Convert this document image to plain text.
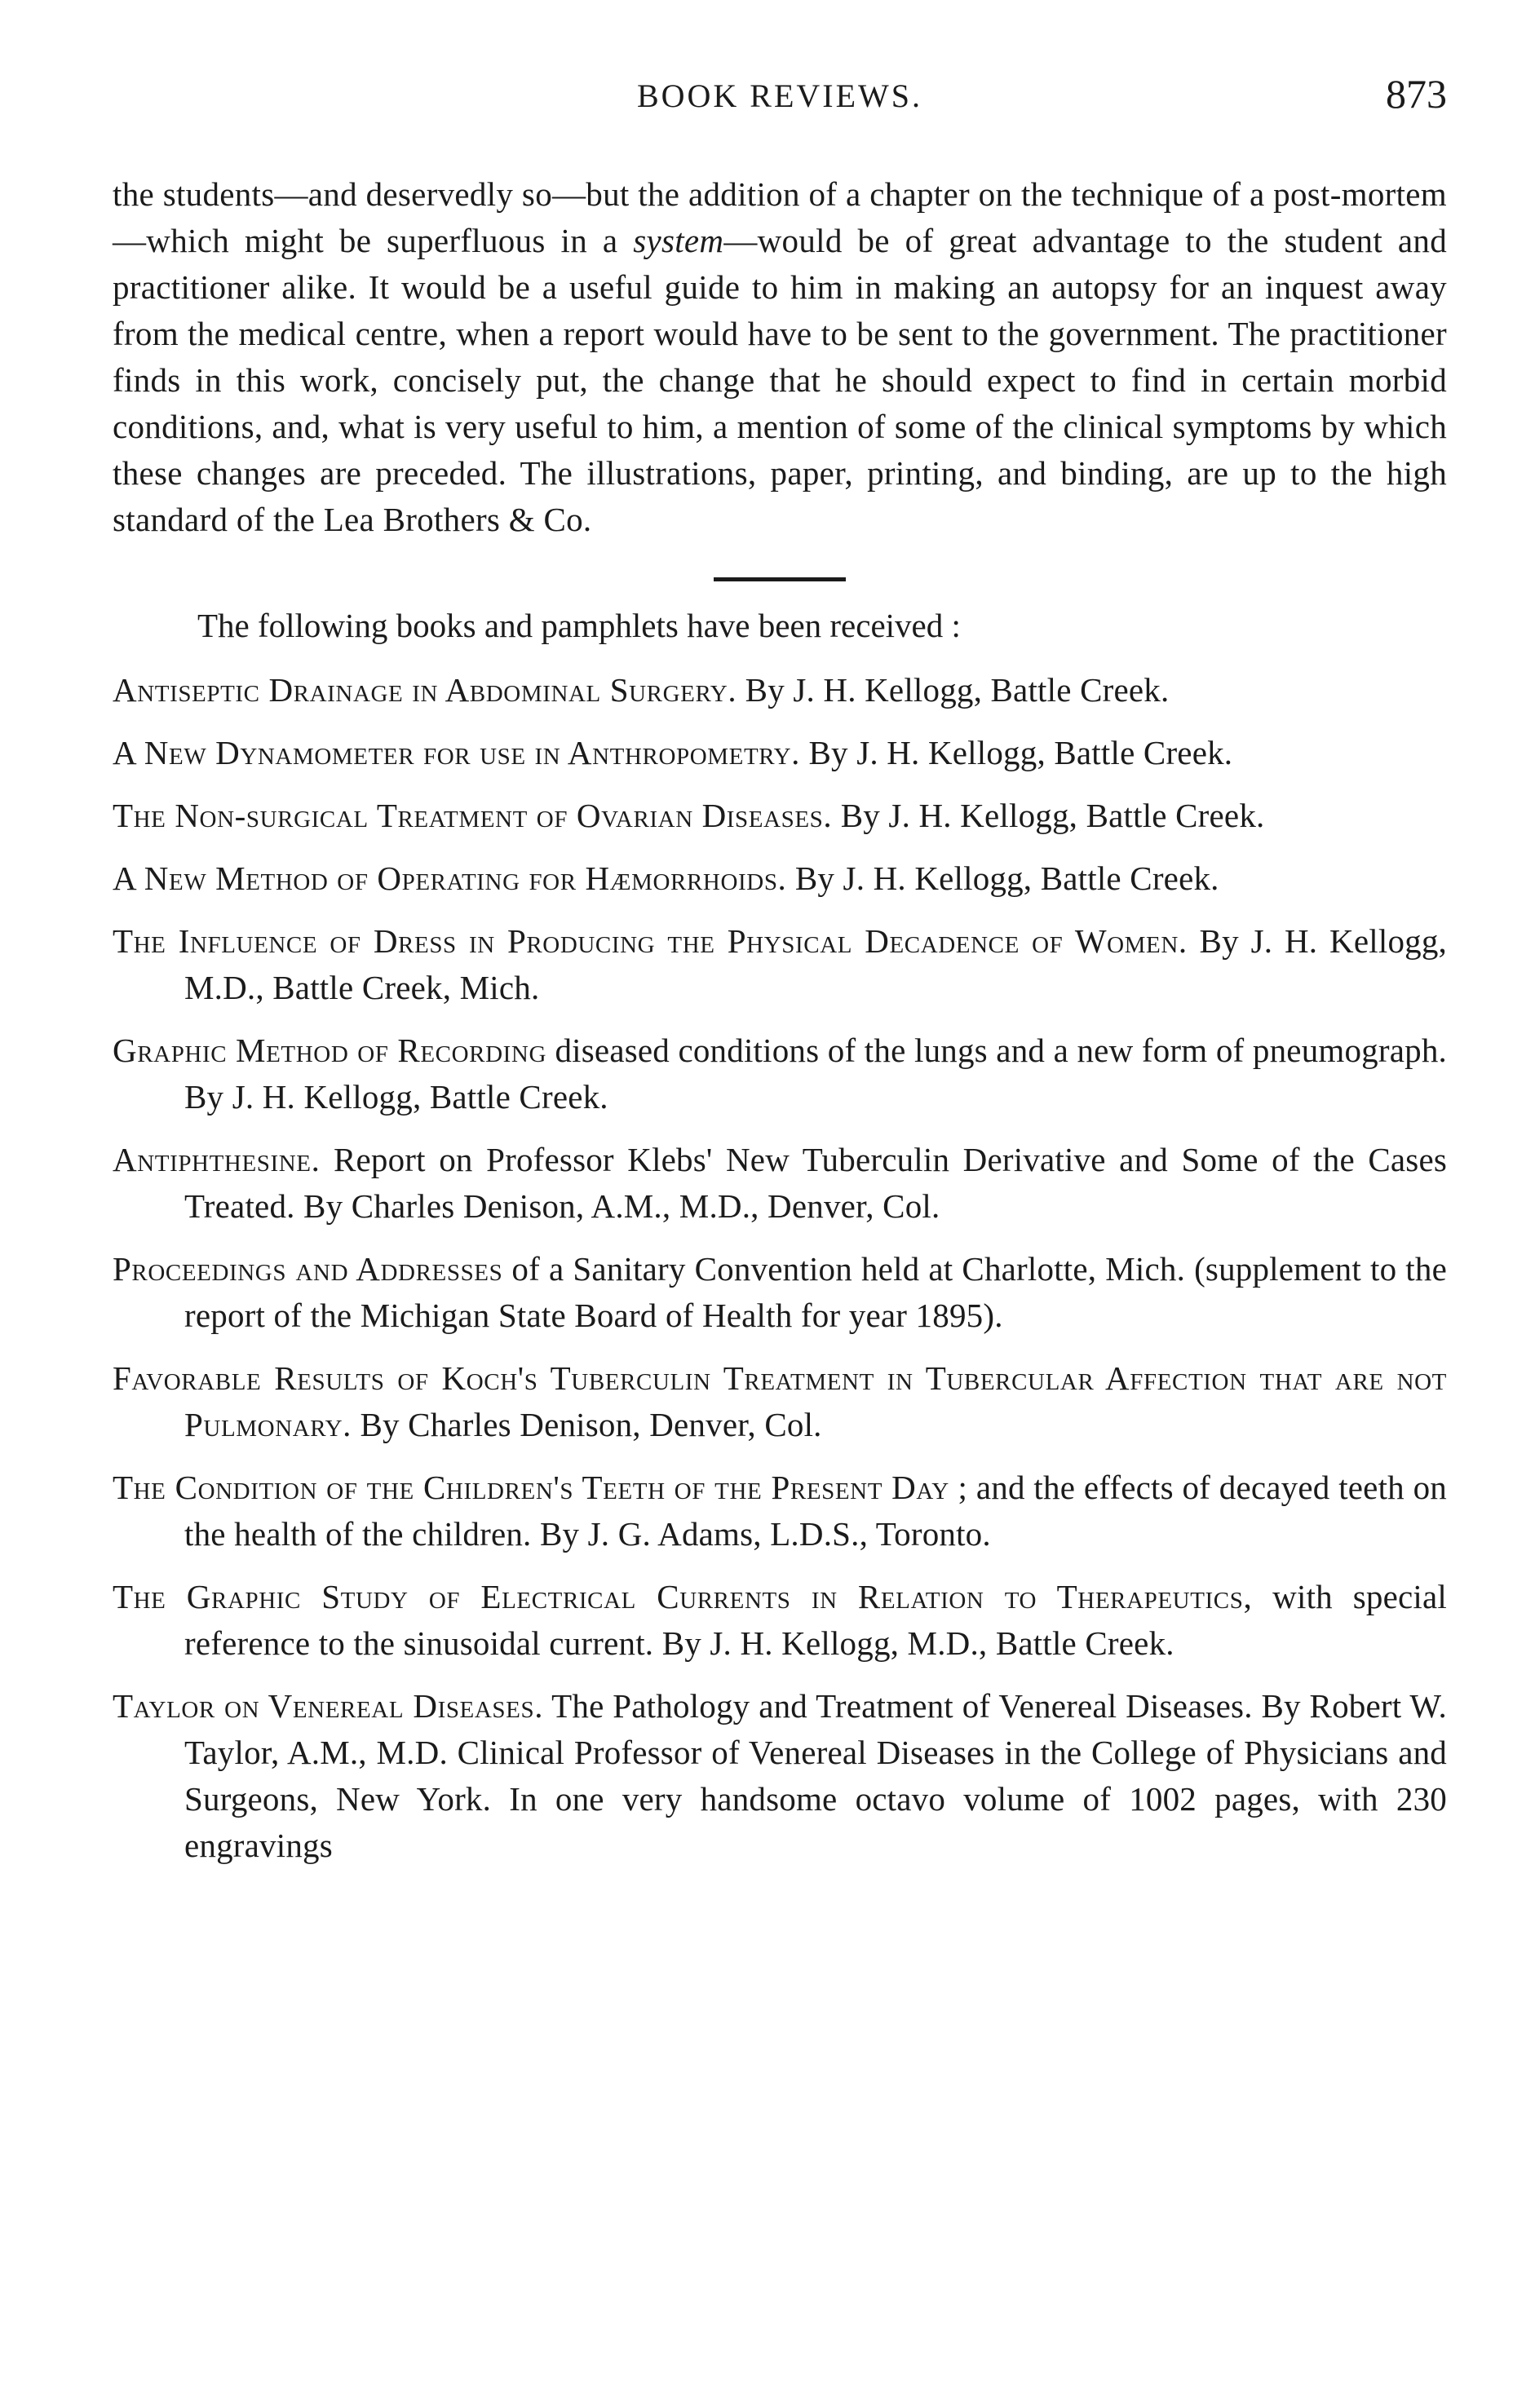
BOOK REVIEWS.	873

the students—and deservedly so—but the addition of a chapter on the technique of a post-mortem—which might be superfluous in a system—would be of great advantage to the student and practitioner alike. It would be a useful guide to him in making an autopsy for an inquest away from the medical centre, when a report would have to be sent to the government. The practitioner finds in this work, concisely put, the change that he should expect to find in certain morbid conditions, and, what is very useful to him, a mention of some of the clinical symptoms by which these changes are preceded. The illustrations, paper, printing, and binding, are up to the high standard of the Lea Brothers & Co.

The following books and pamphlets have been received :

Antiseptic Drainage in Abdominal Surgery. By J. H. Kellogg, Battle Creek.

A New Dynamometer for use in Anthropometry. By J. H. Kellogg, Battle Creek.

The Non-surgical Treatment of Ovarian Diseases. By J. H. Kellogg, Battle Creek.

A New Method of Operating for Hæmorrhoids. By J. H. Kellogg, Battle Creek.

The Influence of Dress in Producing the Physical Decadence of Women. By J. H. Kellogg, M.D., Battle Creek, Mich.

Graphic Method of Recording diseased conditions of the lungs and a new form of pneumograph. By J. H. Kellogg, Battle Creek.

Antiphthesine. Report on Professor Klebs' New Tuberculin Derivative and Some of the Cases Treated. By Charles Denison, A.M., M.D., Denver, Col.

Proceedings and Addresses of a Sanitary Convention held at Charlotte, Mich. (supplement to the report of the Michigan State Board of Health for year 1895).

Favorable Results of Koch's Tuberculin Treatment in Tubercular Affection that are not Pulmonary. By Charles Denison, Denver, Col.

The Condition of the Children's Teeth of the Present Day ; and the effects of decayed teeth on the health of the children. By J. G. Adams, L.D.S., Toronto.

The Graphic Study of Electrical Currents in Relation to Therapeutics, with special reference to the sinusoidal current. By J. H. Kellogg, M.D., Battle Creek.

Taylor on Venereal Diseases. The Pathology and Treatment of Venereal Diseases. By Robert W. Taylor, A.M., M.D. Clinical Professor of Venereal Diseases in the College of Physicians and Surgeons, New York. In one very handsome octavo volume of 1002 pages, with 230 engravings
